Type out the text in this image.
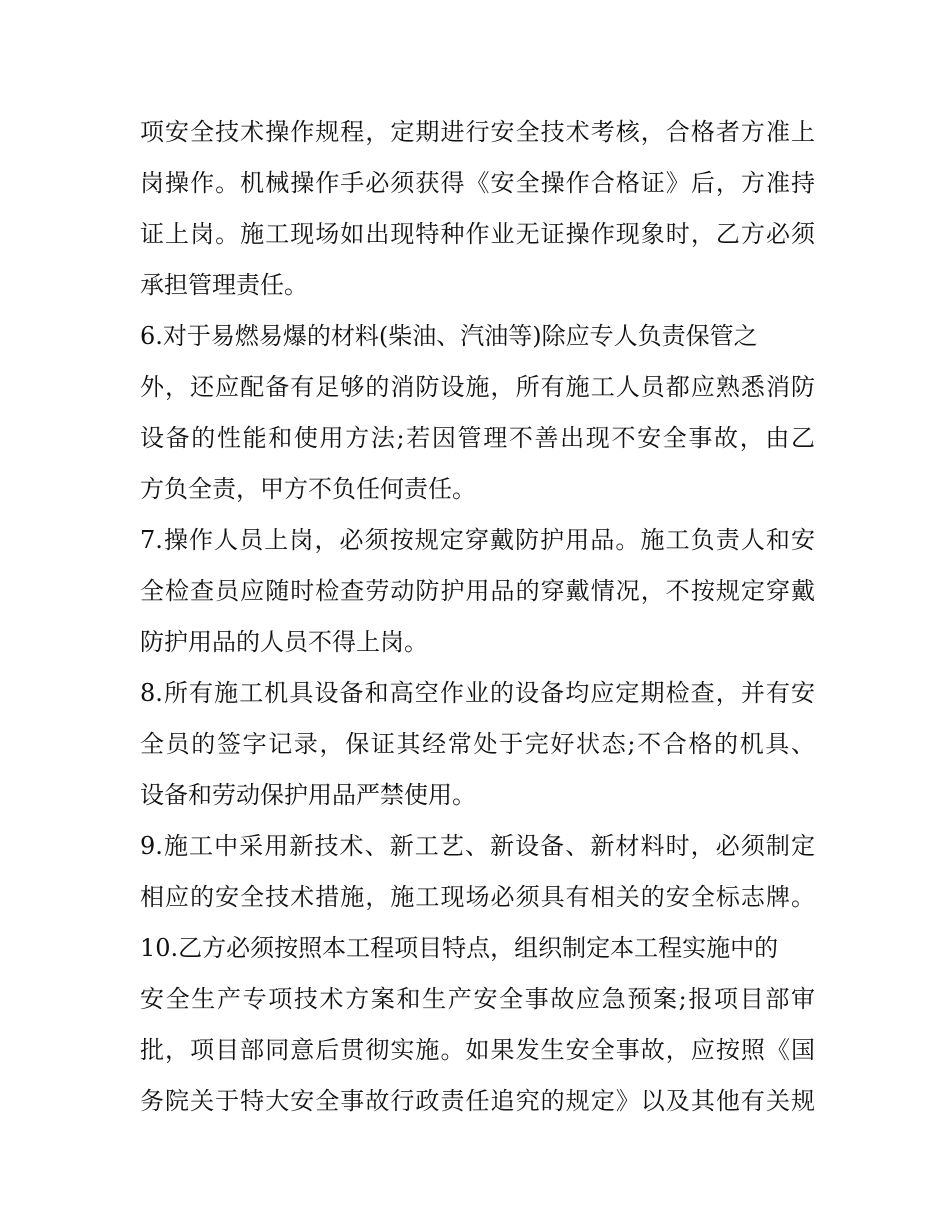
项安全技术操作规程，定期进行安全技术考核，合格者方准上
岗操作。机械操作手必须获得《安全操作合格证》后，方准持
证上岗。施工现场如出现特种作业无证操作现象时，乙方必须
承担管理责任。
6.对于易燃易爆的材料(柴油、汽油等)除应专人负责保管之
外，还应配备有足够的消防设施，所有施工人员都应熟悉消防
设备的性能和使用方法;若因管理不善出现不安全事故，由乙
方负全责，甲方不负任何责任。
7.操作人员上岗，必须按规定穿戴防护用品。施工负责人和安
全检查员应随时检查劳动防护用品的穿戴情况，不按规定穿戴
防护用品的人员不得上岗。
8.所有施工机具设备和高空作业的设备均应定期检查，并有安
全员的签字记录，保证其经常处于完好状态;不合格的机具、
设备和劳动保护用品严禁使用。
9.施工中采用新技术、新工艺、新设备、新材料时，必须制定
相应的安全技术措施，施工现场必须具有相关的安全标志牌。
10.乙方必须按照本工程项目特点，组织制定本工程实施中的
安全生产专项技术方案和生产安全事故应急预案;报项目部审
批，项目部同意后贯彻实施。如果发生安全事故，应按照《国
务院关于特大安全事故行政责任追究的规定》以及其他有关规
